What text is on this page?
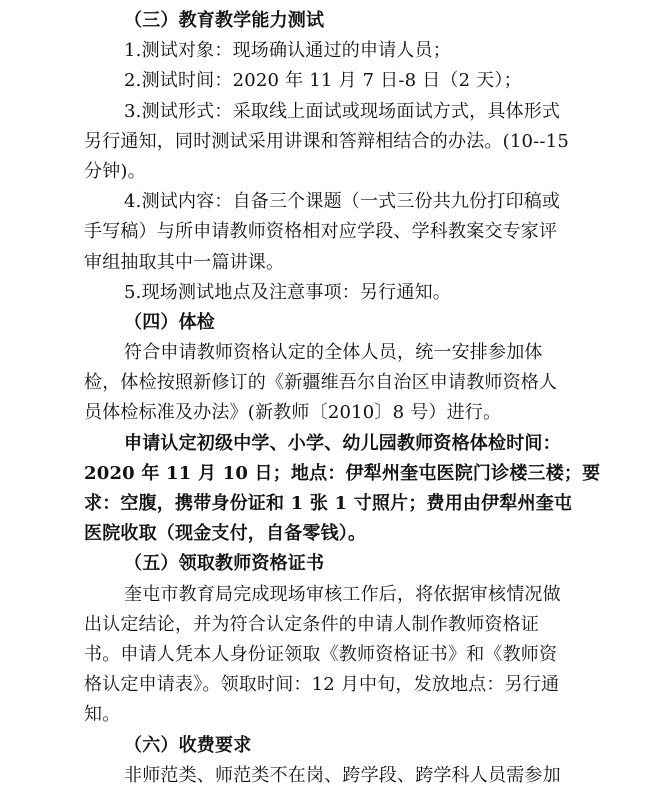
（三）教育教学能力测试
1.测试对象：现场确认通过的申请人员；
2.测试时间：2020 年 11 月 7 日-8 日（2 天）；
3.测试形式：采取线上面试或现场面试方式，具体形式
另行通知，同时测试采用讲课和答辩相结合的办法。(10--15
分钟)。
4.测试内容：自备三个课题（一式三份共九份打印稿或
手写稿）与所申请教师资格相对应学段、学科教案交专家评
审组抽取其中一篇讲课。
5.现场测试地点及注意事项：另行通知。
（四）体检
符合申请教师资格认定的全体人员，统一安排参加体
检，体检按照新修订的《新疆维吾尔自治区申请教师资格人
员体检标准及办法》(新教师〔2010〕8 号）进行。
申请认定初级中学、小学、幼儿园教师资格体检时间：
2020 年 11 月 10 日；地点：伊犁州奎屯医院门诊楼三楼；要
求：空腹，携带身份证和 1 张 1 寸照片；费用由伊犁州奎屯
医院收取（现金支付，自备零钱）。
（五）领取教师资格证书
奎屯市教育局完成现场审核工作后，将依据审核情况做
出认定结论，并为符合认定条件的申请人制作教师资格证
书。申请人凭本人身份证领取《教师资格证书》和《教师资
格认定申请表》。领取时间：12 月中旬，发放地点：另行通
知。
（六）收费要求
非师范类、师范类不在岗、跨学段、跨学科人员需参加
